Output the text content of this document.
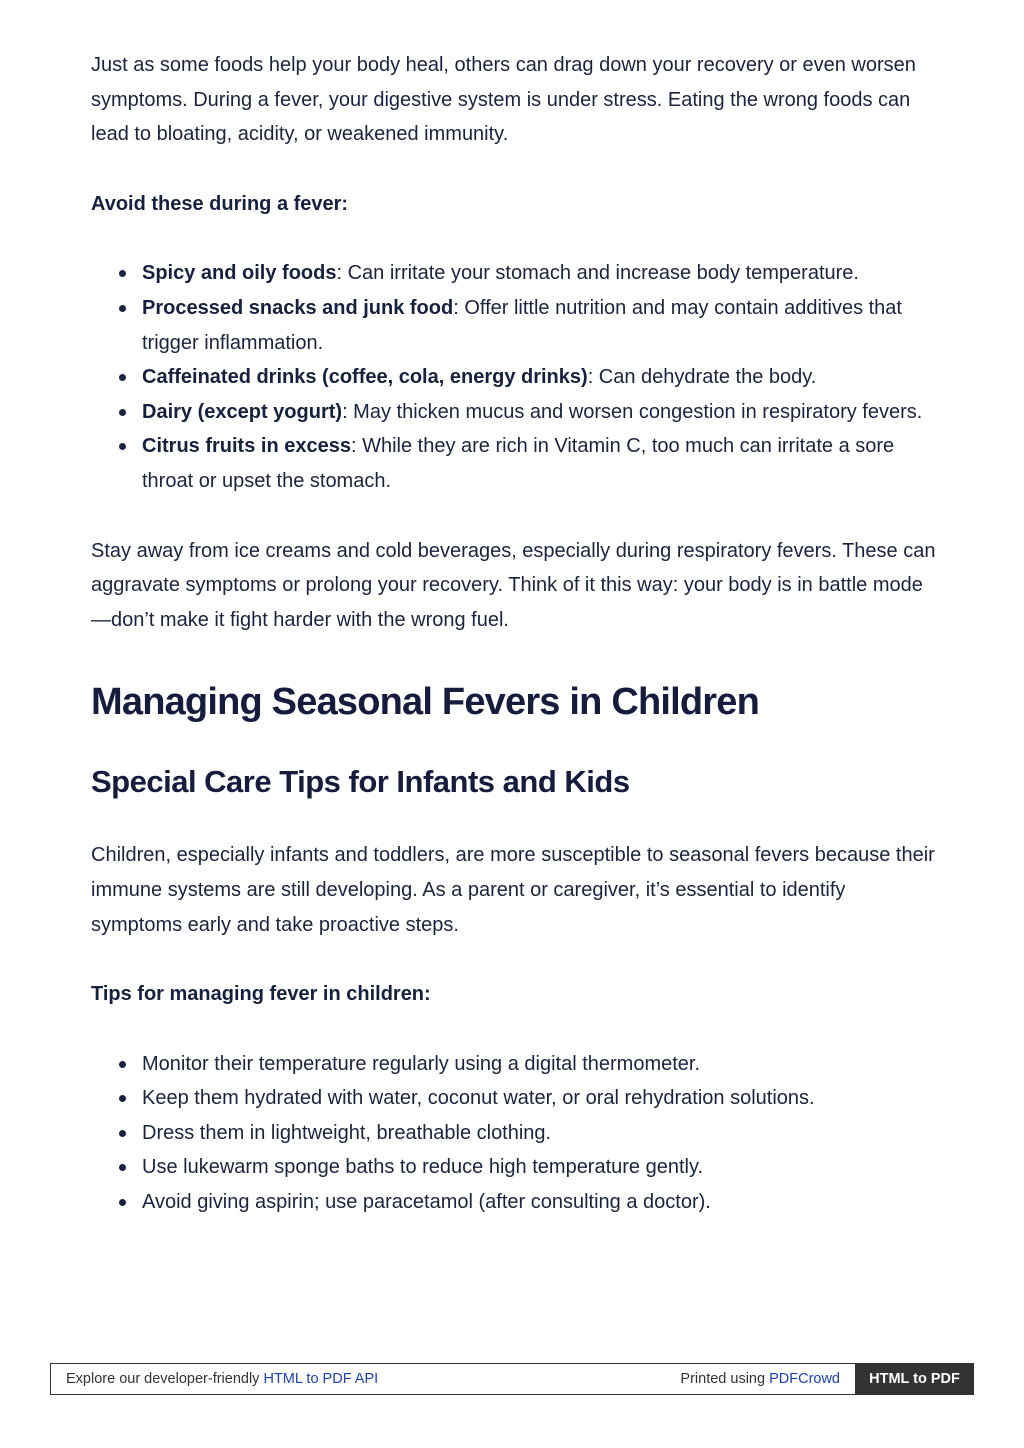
Just as some foods help your body heal, others can drag down your recovery or even worsen symptoms. During a fever, your digestive system is under stress. Eating the wrong foods can lead to bloating, acidity, or weakened immunity.

Avoid these during a fever:

Spicy and oily foods: Can irritate your stomach and increase body temperature.
Processed snacks and junk food: Offer little nutrition and may contain additives that trigger inflammation.
Caffeinated drinks (coffee, cola, energy drinks): Can dehydrate the body.
Dairy (except yogurt): May thicken mucus and worsen congestion in respiratory fevers.
Citrus fruits in excess: While they are rich in Vitamin C, too much can irritate a sore throat or upset the stomach.

Stay away from ice creams and cold beverages, especially during respiratory fevers. These can aggravate symptoms or prolong your recovery. Think of it this way: your body is in battle mode—don’t make it fight harder with the wrong fuel.

Managing Seasonal Fevers in Children
Special Care Tips for Infants and Kids

Children, especially infants and toddlers, are more susceptible to seasonal fevers because their immune systems are still developing. As a parent or caregiver, it’s essential to identify symptoms early and take proactive steps.

Tips for managing fever in children:

Monitor their temperature regularly using a digital thermometer.
Keep them hydrated with water, coconut water, or oral rehydration solutions.
Dress them in lightweight, breathable clothing.
Use lukewarm sponge baths to reduce high temperature gently.
Avoid giving aspirin; use paracetamol (after consulting a doctor).
Explore our developer-friendly HTML to PDF API	Printed using PDFCrowd	HTML to PDF
